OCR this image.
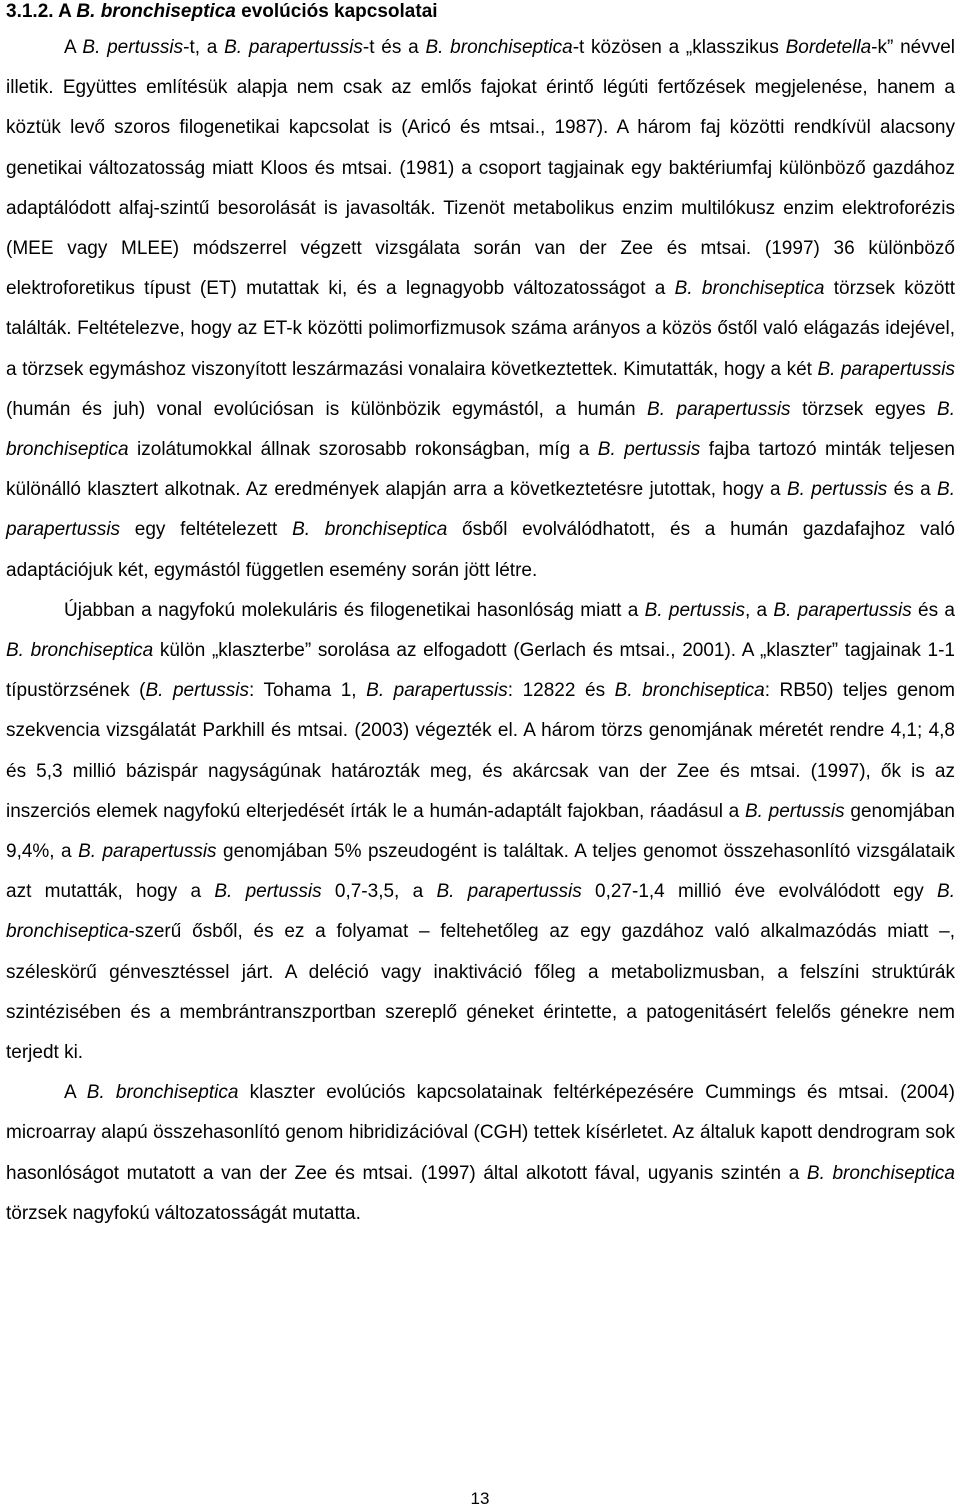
3.1.2. A B. bronchiseptica evolúciós kapcsolatai

A B. pertussis-t, a B. parapertussis-t és a B. bronchiseptica-t közösen a „klasszikus Bordetella-k” névvel illetik. Együttes említésük alapja nem csak az emlős fajokat érintő légúti fertőzések megjelenése, hanem a köztük levő szoros filogenetikai kapcsolat is (Aricó és mtsai., 1987). A három faj közötti rendkívül alacsony genetikai változatosság miatt Kloos és mtsai. (1981) a csoport tagjainak egy baktériumfaj különböző gazdához adaptálódott alfaj-szintű besorolását is javasolták. Tizenöt metabolikus enzim multilókusz enzim elektroforézis (MEE vagy MLEE) módszerrel végzett vizsgálata során van der Zee és mtsai. (1997) 36 különböző elektroforetikus típust (ET) mutattak ki, és a legnagyobb változatosságot a B. bronchiseptica törzsek között találták. Feltételezve, hogy az ET-k közötti polimorfizmusok száma arányos a közös őstől való elágazás idejével, a törzsek egymáshoz viszonyított leszármazási vonalaira következtettek. Kimutatták, hogy a két B. parapertussis (humán és juh) vonal evolúciósan is különbözik egymástól, a humán B. parapertussis törzsek egyes B. bronchiseptica izolátumokkal állnak szorosabb rokonságban, míg a B. pertussis fajba tartozó minták teljesen különálló klasztert alkotnak. Az eredmények alapján arra a következtetésre jutottak, hogy a B. pertussis és a B. parapertussis egy feltételezett B. bronchiseptica ősből evolválódhatott, és a humán gazdafajhoz való adaptációjuk két, egymástól független esemény során jött létre.

Újabban a nagyfokú molekuláris és filogenetikai hasonlóság miatt a B. pertussis, a B. parapertussis és a B. bronchiseptica külön „klaszterbe” sorolása az elfogadott (Gerlach és mtsai., 2001). A „klaszter” tagjainak 1-1 típustörzsének (B. pertussis: Tohama 1, B. parapertussis: 12822 és B. bronchiseptica: RB50) teljes genom szekvencia vizsgálatát Parkhill és mtsai. (2003) végezték el. A három törzs genomjának méretét rendre 4,1; 4,8 és 5,3 millió bázispár nagyságúnak határozták meg, és akárcsak van der Zee és mtsai. (1997), ők is az inszerciós elemek nagyfokú elterjedését írták le a humán-adaptált fajokban, ráadásul a B. pertussis genomjában 9,4%, a B. parapertussis genomjában 5% pszeudogént is találtak. A teljes genomot összehasonlító vizsgálataik azt mutatták, hogy a B. pertussis 0,7-3,5, a B. parapertussis 0,27-1,4 millió éve evolválódott egy B. bronchiseptica-szerű ősből, és ez a folyamat – feltehetőleg az egy gazdához való alkalmazódás miatt –, széleskörű génvesztéssel járt. A deléció vagy inaktiváció főleg a metabolizmusban, a felszíni struktúrák szintézisében és a membrántranszportban szereplő géneket érintette, a patogenitásért felelős génekre nem terjedt ki.

A B. bronchiseptica klaszter evolúciós kapcsolatainak feltérképezésére Cummings és mtsai. (2004) microarray alapú összehasonlító genom hibridizációval (CGH) tettek kísérletet. Az általuk kapott dendrogram sok hasonlóságot mutatott a van der Zee és mtsai. (1997) által alkotott fával, ugyanis szintén a B. bronchiseptica törzsek nagyfokú változatosságát mutatta.

13
